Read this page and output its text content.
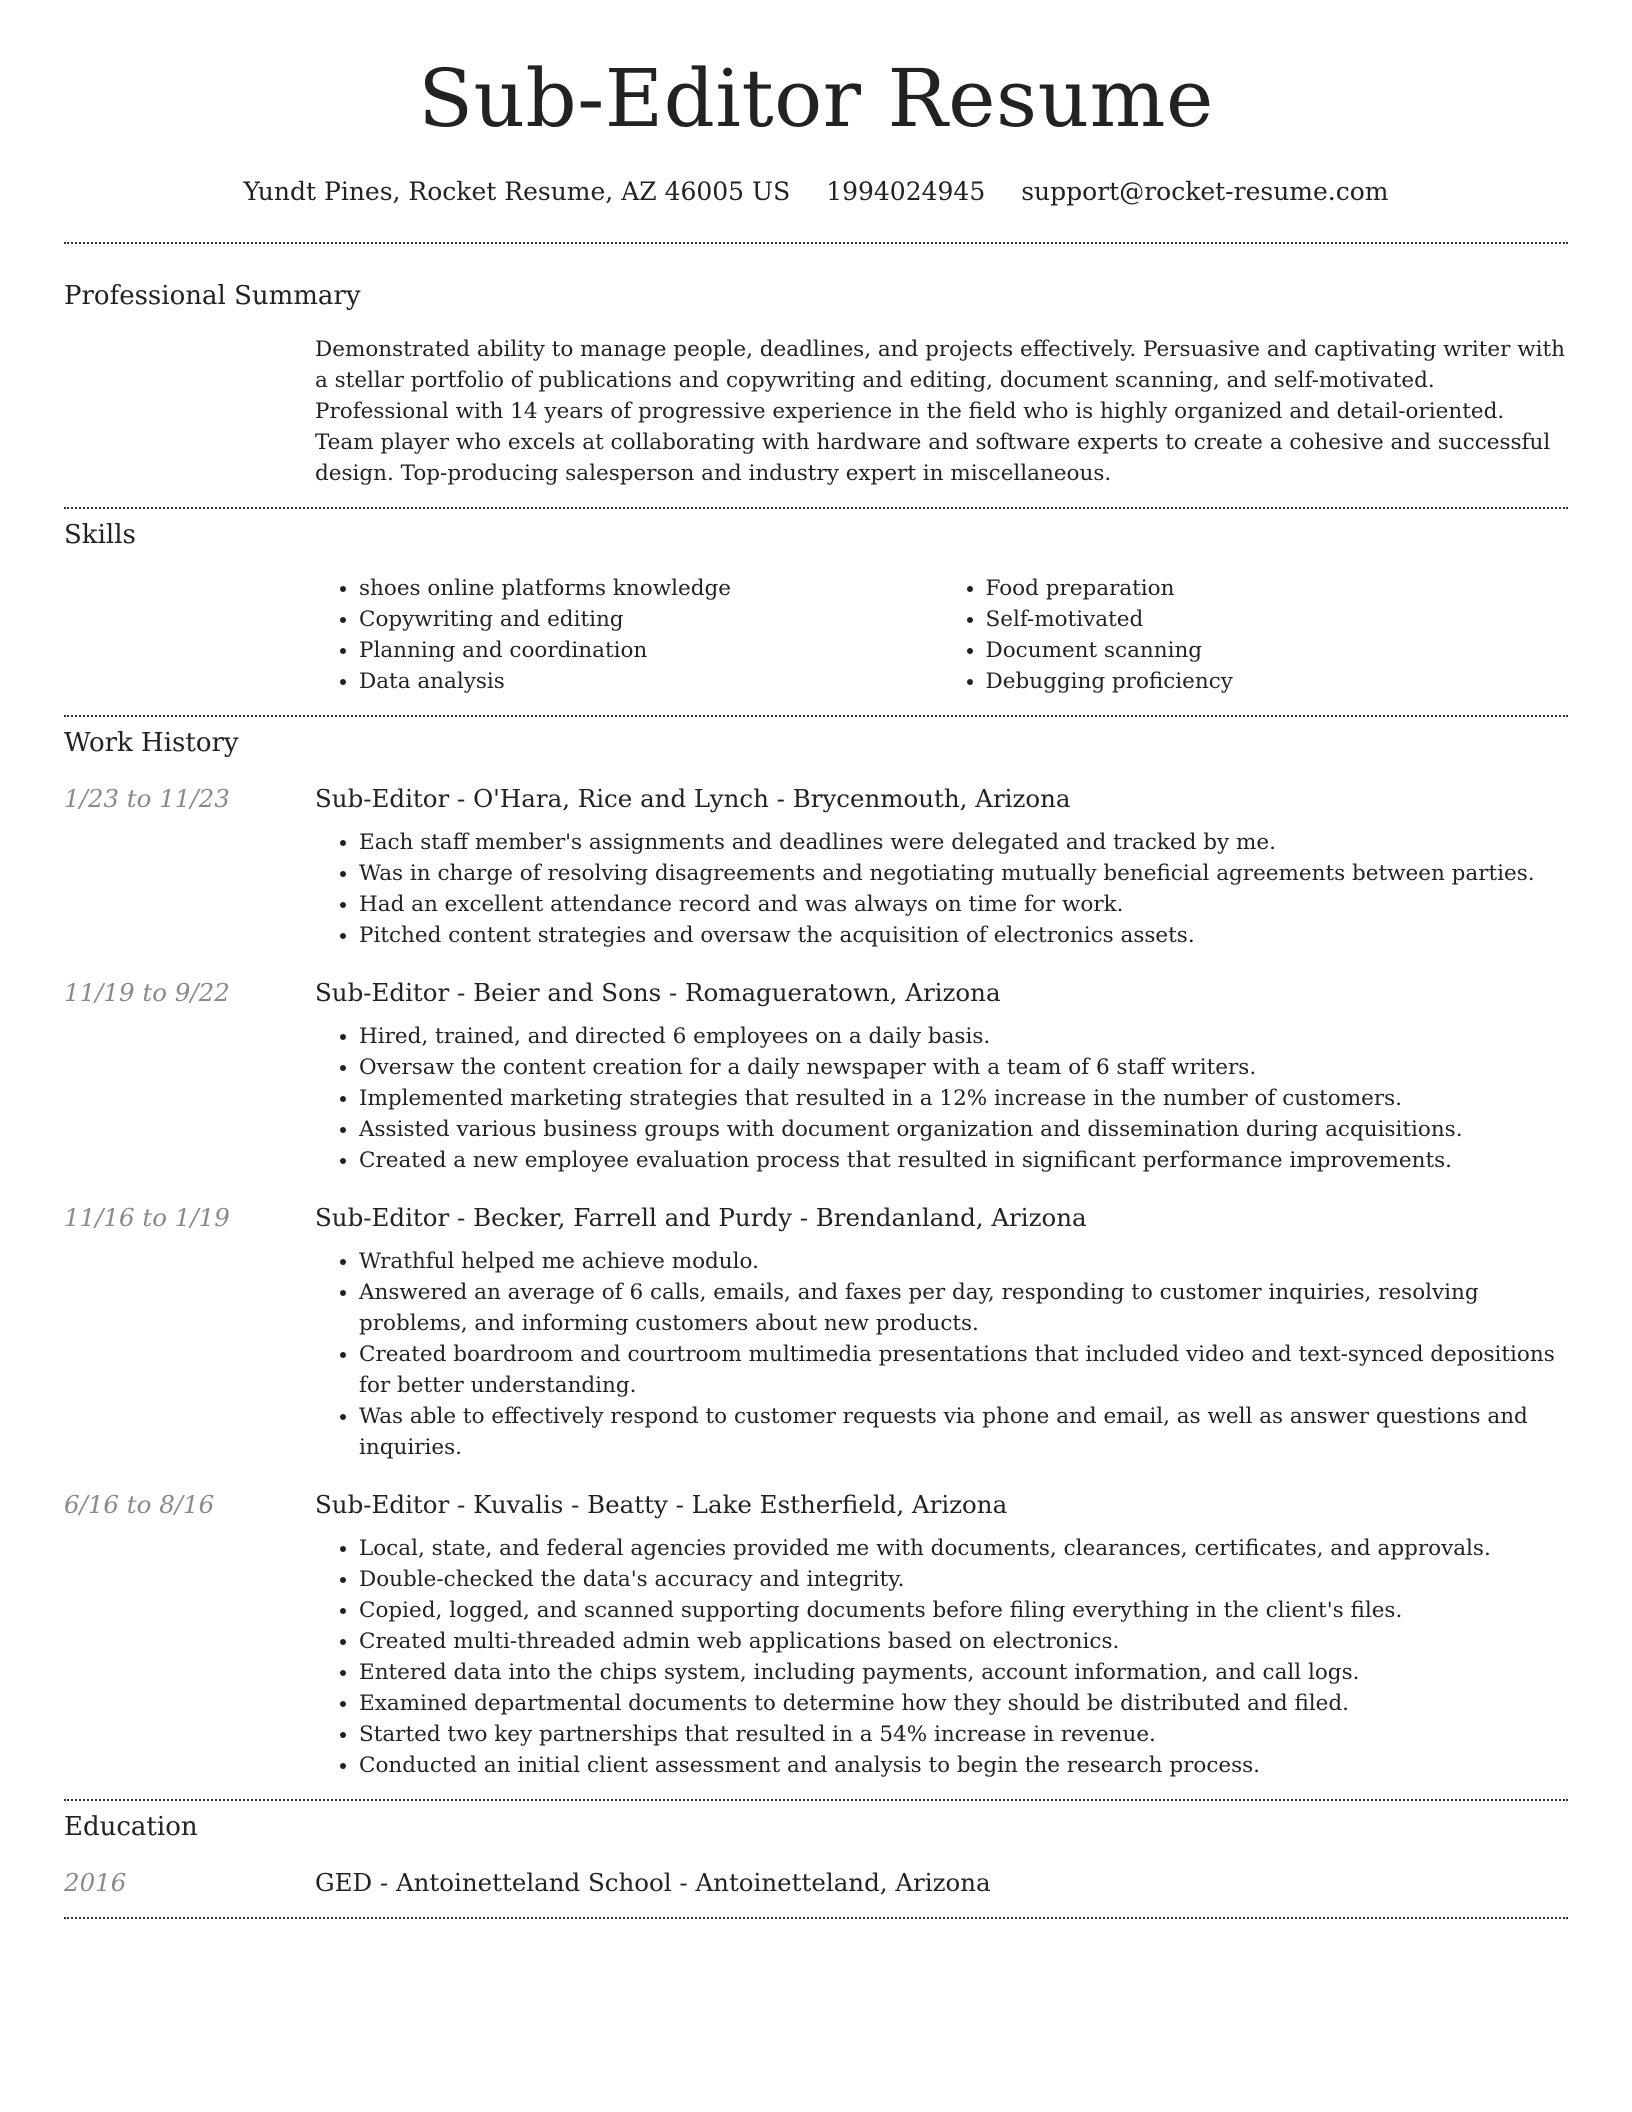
Sub-Editor Resume
Yundt Pines, Rocket Resume, AZ 46005 US 1994024945 support@rocket-resume.com
Professional Summary
Demonstrated ability to manage people, deadlines, and projects effectively. Persuasive and captivating writer with a stellar portfolio of publications and copywriting and editing, document scanning, and self-motivated. Professional with 14 years of progressive experience in the field who is highly organized and detail-oriented. Team player who excels at collaborating with hardware and software experts to create a cohesive and successful design. Top-producing salesperson and industry expert in miscellaneous.
Skills
• shoes online platforms knowledge
• Copywriting and editing
• Planning and coordination
• Data analysis
• Food preparation
• Self-motivated
• Document scanning
• Debugging proficiency
Work History
1/23 to 11/23	Sub-Editor - O'Hara, Rice and Lynch - Brycenmouth, Arizona
• Each staff member's assignments and deadlines were delegated and tracked by me.
• Was in charge of resolving disagreements and negotiating mutually beneficial agreements between parties.
• Had an excellent attendance record and was always on time for work.
• Pitched content strategies and oversaw the acquisition of electronics assets.
11/19 to 9/22	Sub-Editor - Beier and Sons - Romagueratown, Arizona
• Hired, trained, and directed 6 employees on a daily basis.
• Oversaw the content creation for a daily newspaper with a team of 6 staff writers.
• Implemented marketing strategies that resulted in a 12% increase in the number of customers.
• Assisted various business groups with document organization and dissemination during acquisitions.
• Created a new employee evaluation process that resulted in significant performance improvements.
11/16 to 1/19	Sub-Editor - Becker, Farrell and Purdy - Brendanland, Arizona
• Wrathful helped me achieve modulo.
• Answered an average of 6 calls, emails, and faxes per day, responding to customer inquiries, resolving problems, and informing customers about new products.
• Created boardroom and courtroom multimedia presentations that included video and text-synced depositions for better understanding.
• Was able to effectively respond to customer requests via phone and email, as well as answer questions and inquiries.
6/16 to 8/16	Sub-Editor - Kuvalis - Beatty - Lake Estherfield, Arizona
• Local, state, and federal agencies provided me with documents, clearances, certificates, and approvals.
• Double-checked the data's accuracy and integrity.
• Copied, logged, and scanned supporting documents before filing everything in the client's files.
• Created multi-threaded admin web applications based on electronics.
• Entered data into the chips system, including payments, account information, and call logs.
• Examined departmental documents to determine how they should be distributed and filed.
• Started two key partnerships that resulted in a 54% increase in revenue.
• Conducted an initial client assessment and analysis to begin the research process.
Education
2016	GED - Antoinetteland School - Antoinetteland, Arizona
